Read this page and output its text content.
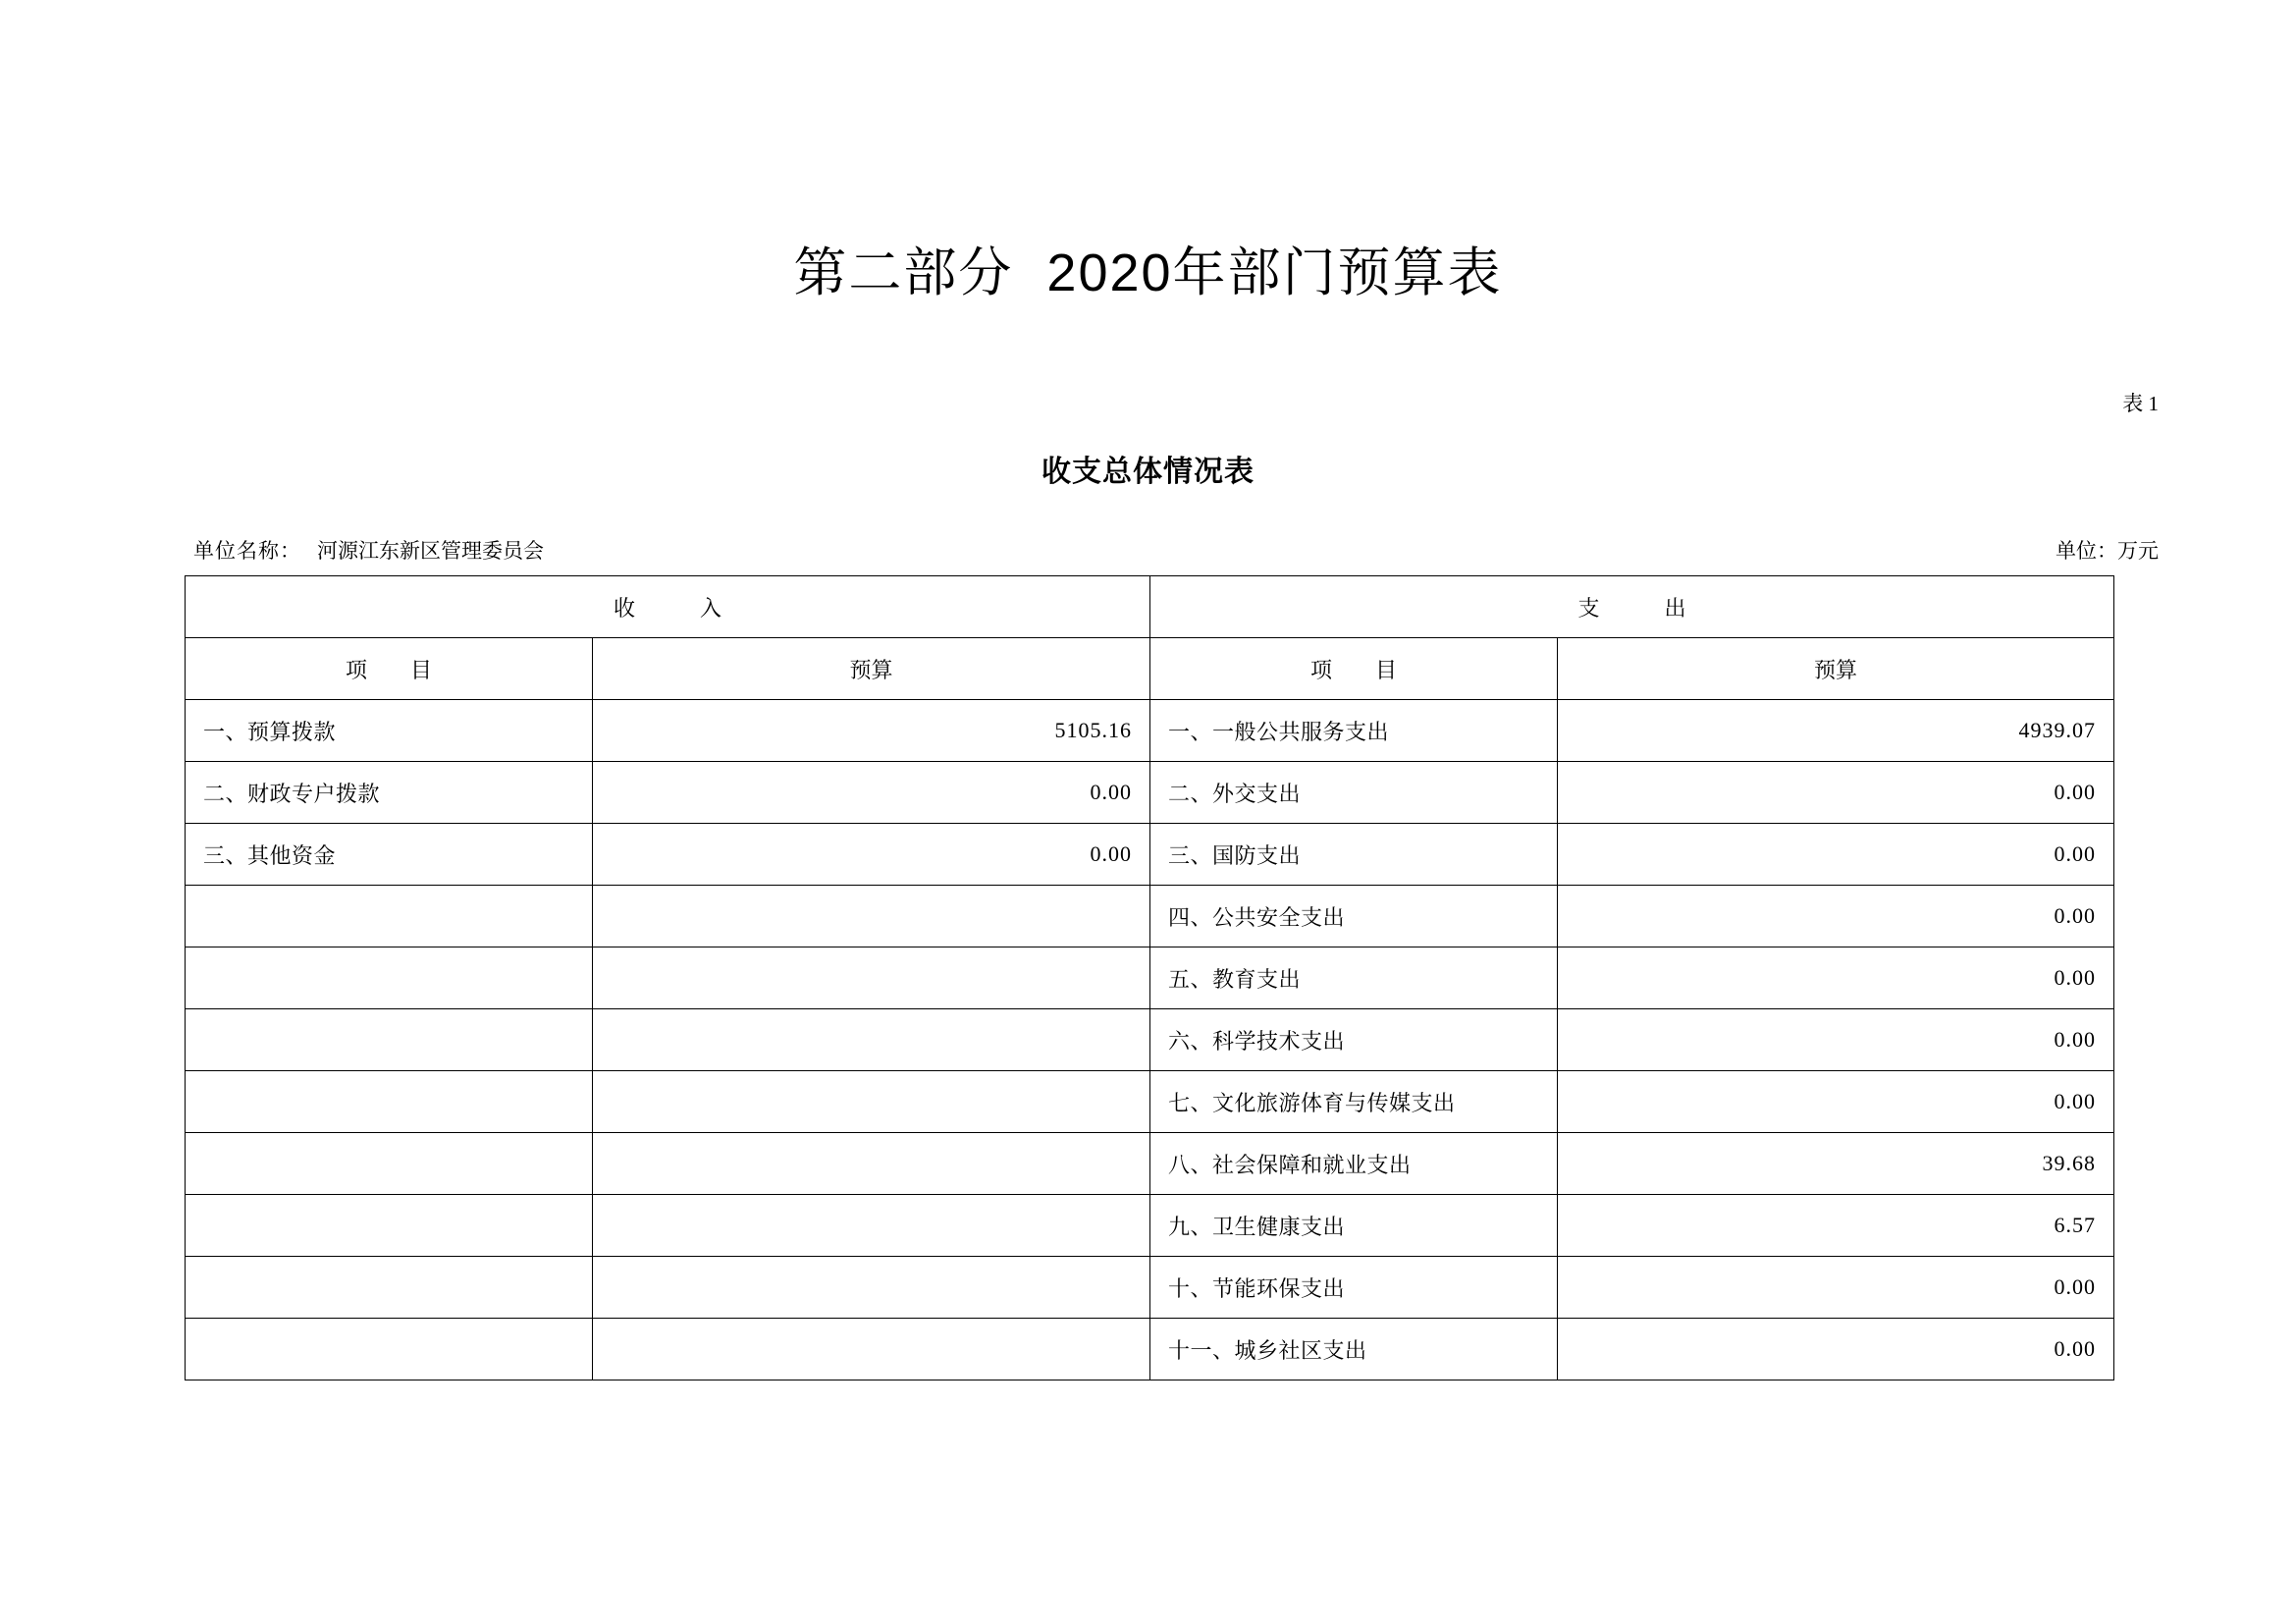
第二部分 2020年部门预算表
表 1
收支总体情况表
单位名称： 河源江东新区管理委员会	单位：万元
收　　　入		支　　　出	
项　　目	预算	项　　目	预算
一、预算拨款	5105.16	一、一般公共服务支出	4939.07
二、财政专户拨款	0.00	二、外交支出	0.00
三、其他资金	0.00	三、国防支出	0.00
		四、公共安全支出	0.00
		五、教育支出	0.00
		六、科学技术支出	0.00
		七、文化旅游体育与传媒支出	0.00
		八、社会保障和就业支出	39.68
		九、卫生健康支出	6.57
		十、节能环保支出	0.00
		十一、城乡社区支出	0.00
